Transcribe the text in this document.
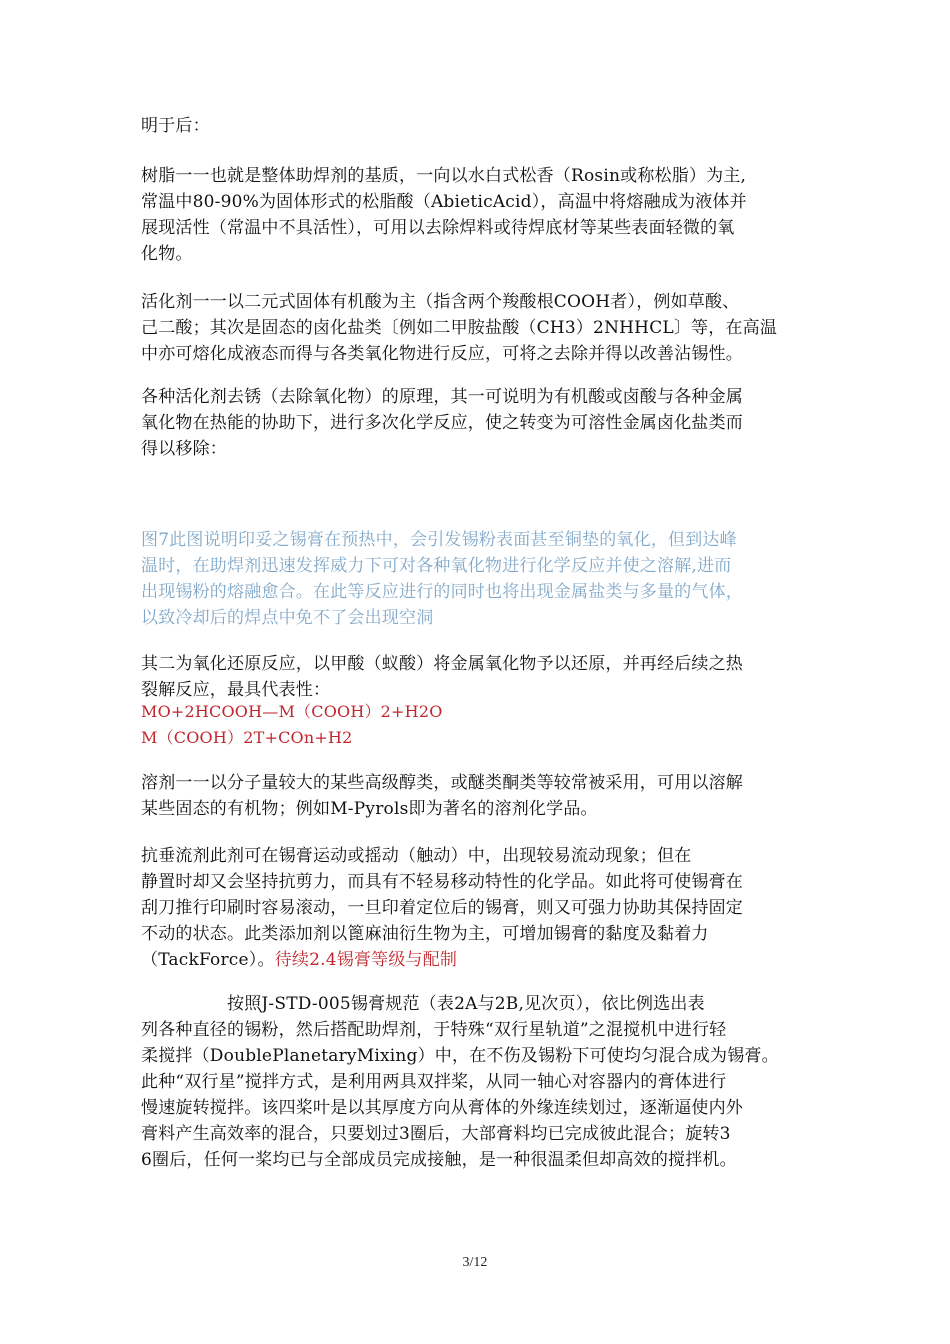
明于后：
树脂一一也就是整体助焊剂的基质，一向以水白式松香（Rosin或称松脂）为主,
常温中80-90%为固体形式的松脂酸（AbieticAcid），高温中将熔融成为液体并
展现活性（常温中不具活性），可用以去除焊料或待焊底材等某些表面轻微的氧
化物。
活化剂一一以二元式固体有机酸为主（指含两个羧酸根COOH者），例如草酸、
己二酸；其次是固态的卤化盐类〔例如二甲胺盐酸（CH3）2NHHCL〕等，在高温
中亦可熔化成液态而得与各类氧化物进行反应，可将之去除并得以改善沾锡性。
各种活化剂去锈（去除氧化物）的原理，其一可说明为有机酸或卤酸与各种金属
氧化物在热能的协助下，进行多次化学反应，使之转变为可溶性金属卤化盐类而
得以移除：
图7此图说明印妥之锡膏在预热中，会引发锡粉表面甚至铜垫的氧化，但到达峰
温时，在助焊剂迅速发挥威力下可对各种氧化物进行化学反应并使之溶解,进而
出现锡粉的熔融愈合。在此等反应进行的同时也将出现金属盐类与多量的气体，
以致冷却后的焊点中免不了会出现空洞
其二为氧化还原反应，以甲酸（蚁酸）将金属氧化物予以还原，并再经后续之热
裂解反应，最具代表性：
MO+2HCOOH—M（COOH）2+H2O
M（COOH）2T+COn+H2
溶剂一一以分子量较大的某些高级醇类，或醚类酮类等较常被采用，可用以溶解
某些固态的有机物；例如M-Pyrols即为著名的溶剂化学品。
抗垂流剂此剂可在锡膏运动或摇动（触动）中，出现较易流动现象；但在
静置时却又会坚持抗剪力，而具有不轻易移动特性的化学品。如此将可使锡膏在
刮刀推行印刷时容易滚动，一旦印着定位后的锡膏，则又可强力协助其保持固定
不动的状态。此类添加剂以篦麻油衍生物为主，可增加锡膏的黏度及黏着力
（TackForce）。待续2.4锡膏等级与配制
　　　　　按照J-STD-005锡膏规范（表2A与2B,见次页），依比例选出表
列各种直径的锡粉，然后搭配助焊剂，于特殊“双行星轨道”之混搅机中进行轻
柔搅拌（DoublePlanetaryMixing）中，在不伤及锡粉下可使均匀混合成为锡膏。
此种“双行星”搅拌方式，是利用两具双拌桨，从同一轴心对容器内的膏体进行
慢速旋转搅拌。该四桨叶是以其厚度方向从膏体的外缘连续划过，逐渐逼使内外
膏料产生高效率的混合，只要划过3圈后，大部膏料均已完成彼此混合；旋转3
6圈后，任何一桨均已与全部成员完成接触，是一种很温柔但却高效的搅拌机。
3/12
